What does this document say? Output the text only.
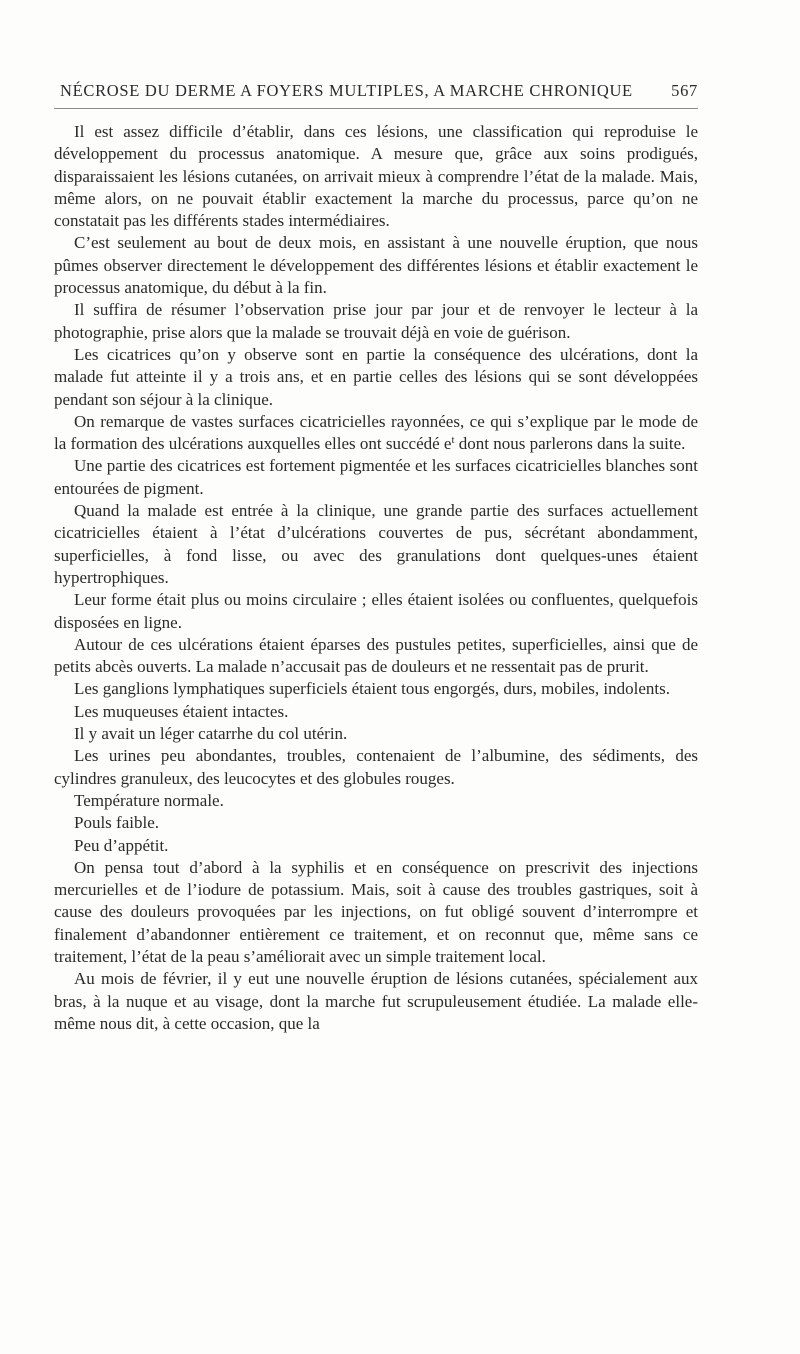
NÉCROSE DU DERME A FOYERS MULTIPLES, A MARCHE CHRONIQUE 567

Il est assez difficile d’établir, dans ces lésions, une classification qui reproduise le développement du processus anatomique. A mesure que, grâce aux soins prodigués, disparaissaient les lésions cutanées, on arrivait mieux à comprendre l’état de la malade. Mais, même alors, on ne pouvait établir exactement la marche du processus, parce qu’on ne constatait pas les différents stades intermédiaires.

C’est seulement au bout de deux mois, en assistant à une nouvelle éruption, que nous pûmes observer directement le développement des différentes lésions et établir exactement le processus anatomique, du début à la fin.

Il suffira de résumer l’observation prise jour par jour et de renvoyer le lecteur à la photographie, prise alors que la malade se trouvait déjà en voie de guérison.

Les cicatrices qu’on y observe sont en partie la conséquence des ulcérations, dont la malade fut atteinte il y a trois ans, et en partie celles des lésions qui se sont développées pendant son séjour à la clinique.

On remarque de vastes surfaces cicatricielles rayonnées, ce qui s’explique par le mode de la formation des ulcérations auxquelles elles ont succédé $e^t$ dont nous parlerons dans la suite.

Une partie des cicatrices est fortement pigmentée et les surfaces cicatricielles blanches sont entourées de pigment.

Quand la malade est entrée à la clinique, une grande partie des surfaces actuellement cicatricielles étaient à l’état d’ulcérations couvertes de pus, sécrétant abondamment, superficielles, à fond lisse, ou avec des granulations dont quelques-unes étaient hypertrophiques.

Leur forme était plus ou moins circulaire ; elles étaient isolées ou confluentes, quelquefois disposées en ligne.

Autour de ces ulcérations étaient éparses des pustules petites, superficielles, ainsi que de petits abcès ouverts. La malade n’accusait pas de douleurs et ne ressentait pas de prurit.

Les ganglions lymphatiques superficiels étaient tous engorgés, durs, mobiles, indolents.

Les muqueuses étaient intactes.

Il y avait un léger catarrhe du col utérin.

Les urines peu abondantes, troubles, contenaient de l’albumine, des sédiments, des cylindres granuleux, des leucocytes et des globules rouges.

Température normale.

Pouls faible.

Peu d’appétit.

On pensa tout d’abord à la syphilis et en conséquence on prescrivit des injections mercurielles et de l’iodure de potassium. Mais, soit à cause des troubles gastriques, soit à cause des douleurs provoquées par les injections, on fut obligé souvent d’interrompre et finalement d’abandonner entièrement ce traitement, et on reconnut que, même sans ce traitement, l’état de la peau s’améliorait avec un simple traitement local.

Au mois de février, il y eut une nouvelle éruption de lésions cutanées, spécialement aux bras, à la nuque et au visage, dont la marche fut scrupuleusement étudiée. La malade elle-même nous dit, à cette occasion, que la
